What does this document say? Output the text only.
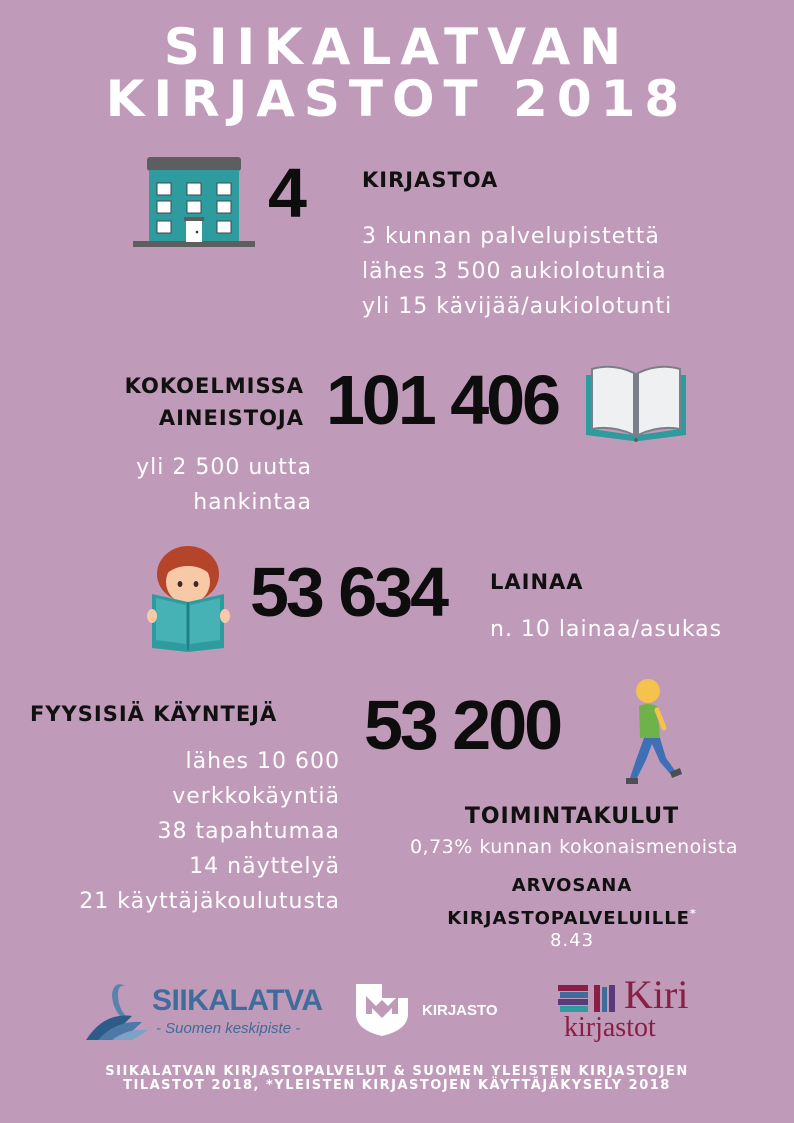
SIIKALATVAN
KIRJASTOT 2018
4	KIRJASTOA
3 kunnan palvelupistettä
lähes 3 500 aukiolotuntia
yli 15 kävijää/aukiolotunti
KOKOELMISSA
AINEISTOJA 101 406
yli 2 500 uutta
hankintaa
53 634 LAINAA
n. 10 lainaa/asukas
FYYSISIÄ KÄYNTEJÄ 53 200
lähes 10 600
verkkokäyntiä
38 tapahtumaa
14 näyttelyä
21 käyttäjäkoulutusta
TOIMINTAKULUT
0,73% kunnan kokonaismenoista
ARVOSANA
KIRJASTOPALVELUILLE*
8.43
SIIKALATVA
- Suomen keskipiste -
KIRJASTO	Kiri
kirjastot
SIIKALATVAN KIRJASTOPALVELUT & SUOMEN YLEISTEN KIRJASTOJEN
TILASTOT 2018, *YLEISTEN KIRJASTOJEN KÄYTTÄJÄKYSELY 2018
